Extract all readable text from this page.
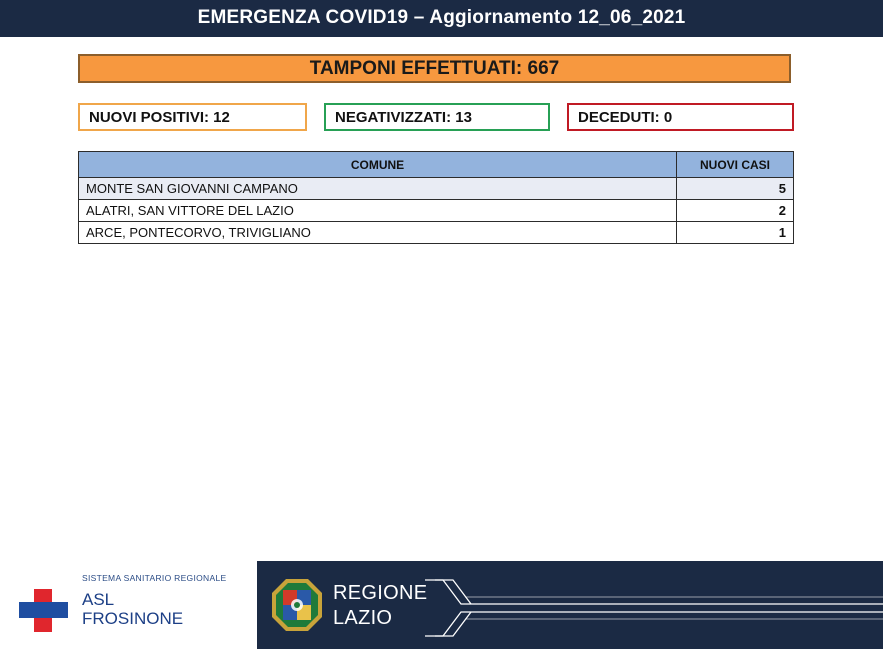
EMERGENZA COVID19 – Aggiornamento 12_06_2021
TAMPONI EFFETTUATI: 667
NUOVI POSITIVI: 12	NEGATIVIZZATI: 13	DECEDUTI: 0
COMUNE	NUOVI CASI
MONTE SAN GIOVANNI CAMPANO	5
ALATRI, SAN VITTORE DEL LAZIO	2
ARCE, PONTECORVO, TRIVIGLIANO	1
SISTEMA SANITARIO REGIONALE
ASL
FROSINONE
REGIONE
LAZIO
